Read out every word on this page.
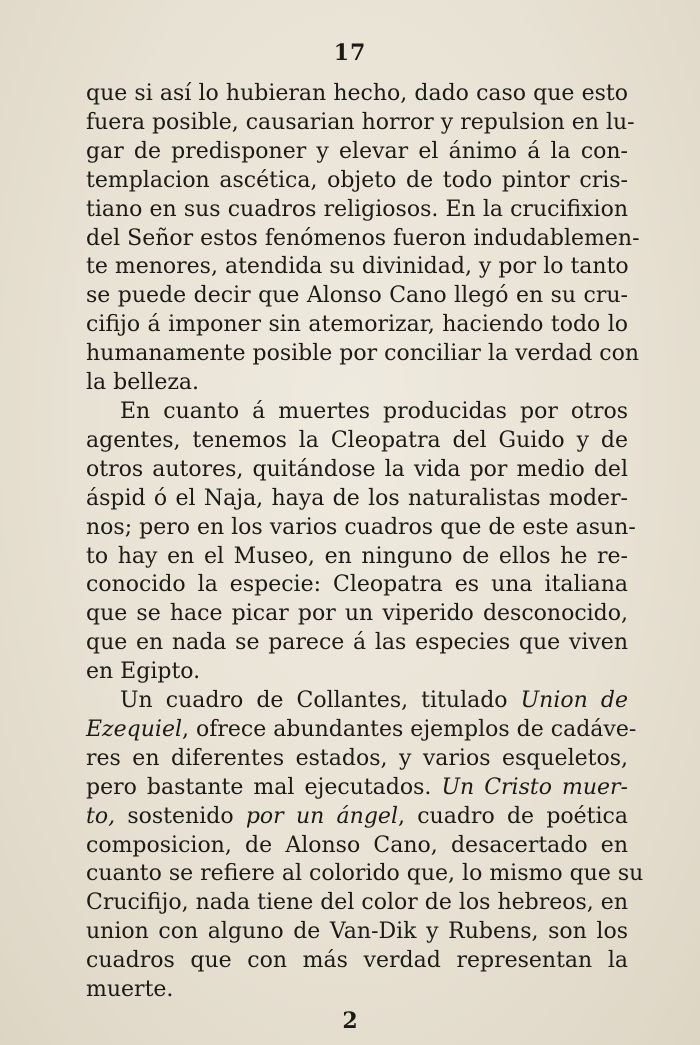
17
que si así lo hubieran hecho, dado caso que esto
fuera posible, causarian horror y repulsion en lu-
gar de predisponer y elevar el ánimo á la con-
templacion ascética, objeto de todo pintor cris-
tiano en sus cuadros religiosos. En la crucifixion
del Señor estos fenómenos fueron indudablemen-
te menores, atendida su divinidad, y por lo tanto
se puede decir que Alonso Cano llegó en su cru-
cifijo á imponer sin atemorizar, haciendo todo lo
humanamente posible por conciliar la verdad con
la belleza.
En cuanto á muertes producidas por otros
agentes, tenemos la Cleopatra del Guido y de
otros autores, quitándose la vida por medio del
áspid ó el Naja, haya de los naturalistas moder-
nos; pero en los varios cuadros que de este asun-
to hay en el Museo, en ninguno de ellos he re-
conocido la especie: Cleopatra es una italiana
que se hace picar por un viperido desconocido,
que en nada se parece á las especies que viven
en Egipto.
Un cuadro de Collantes, titulado Union de
Ezequiel, ofrece abundantes ejemplos de cadáve-
res en diferentes estados, y varios esqueletos,
pero bastante mal ejecutados. Un Cristo muer-
to, sostenido por un ángel, cuadro de poética
composicion, de Alonso Cano, desacertado en
cuanto se refiere al colorido que, lo mismo que su
Crucifijo, nada tiene del color de los hebreos, en
union con alguno de Van-Dik y Rubens, son los
cuadros que con más verdad representan la
muerte.
2
